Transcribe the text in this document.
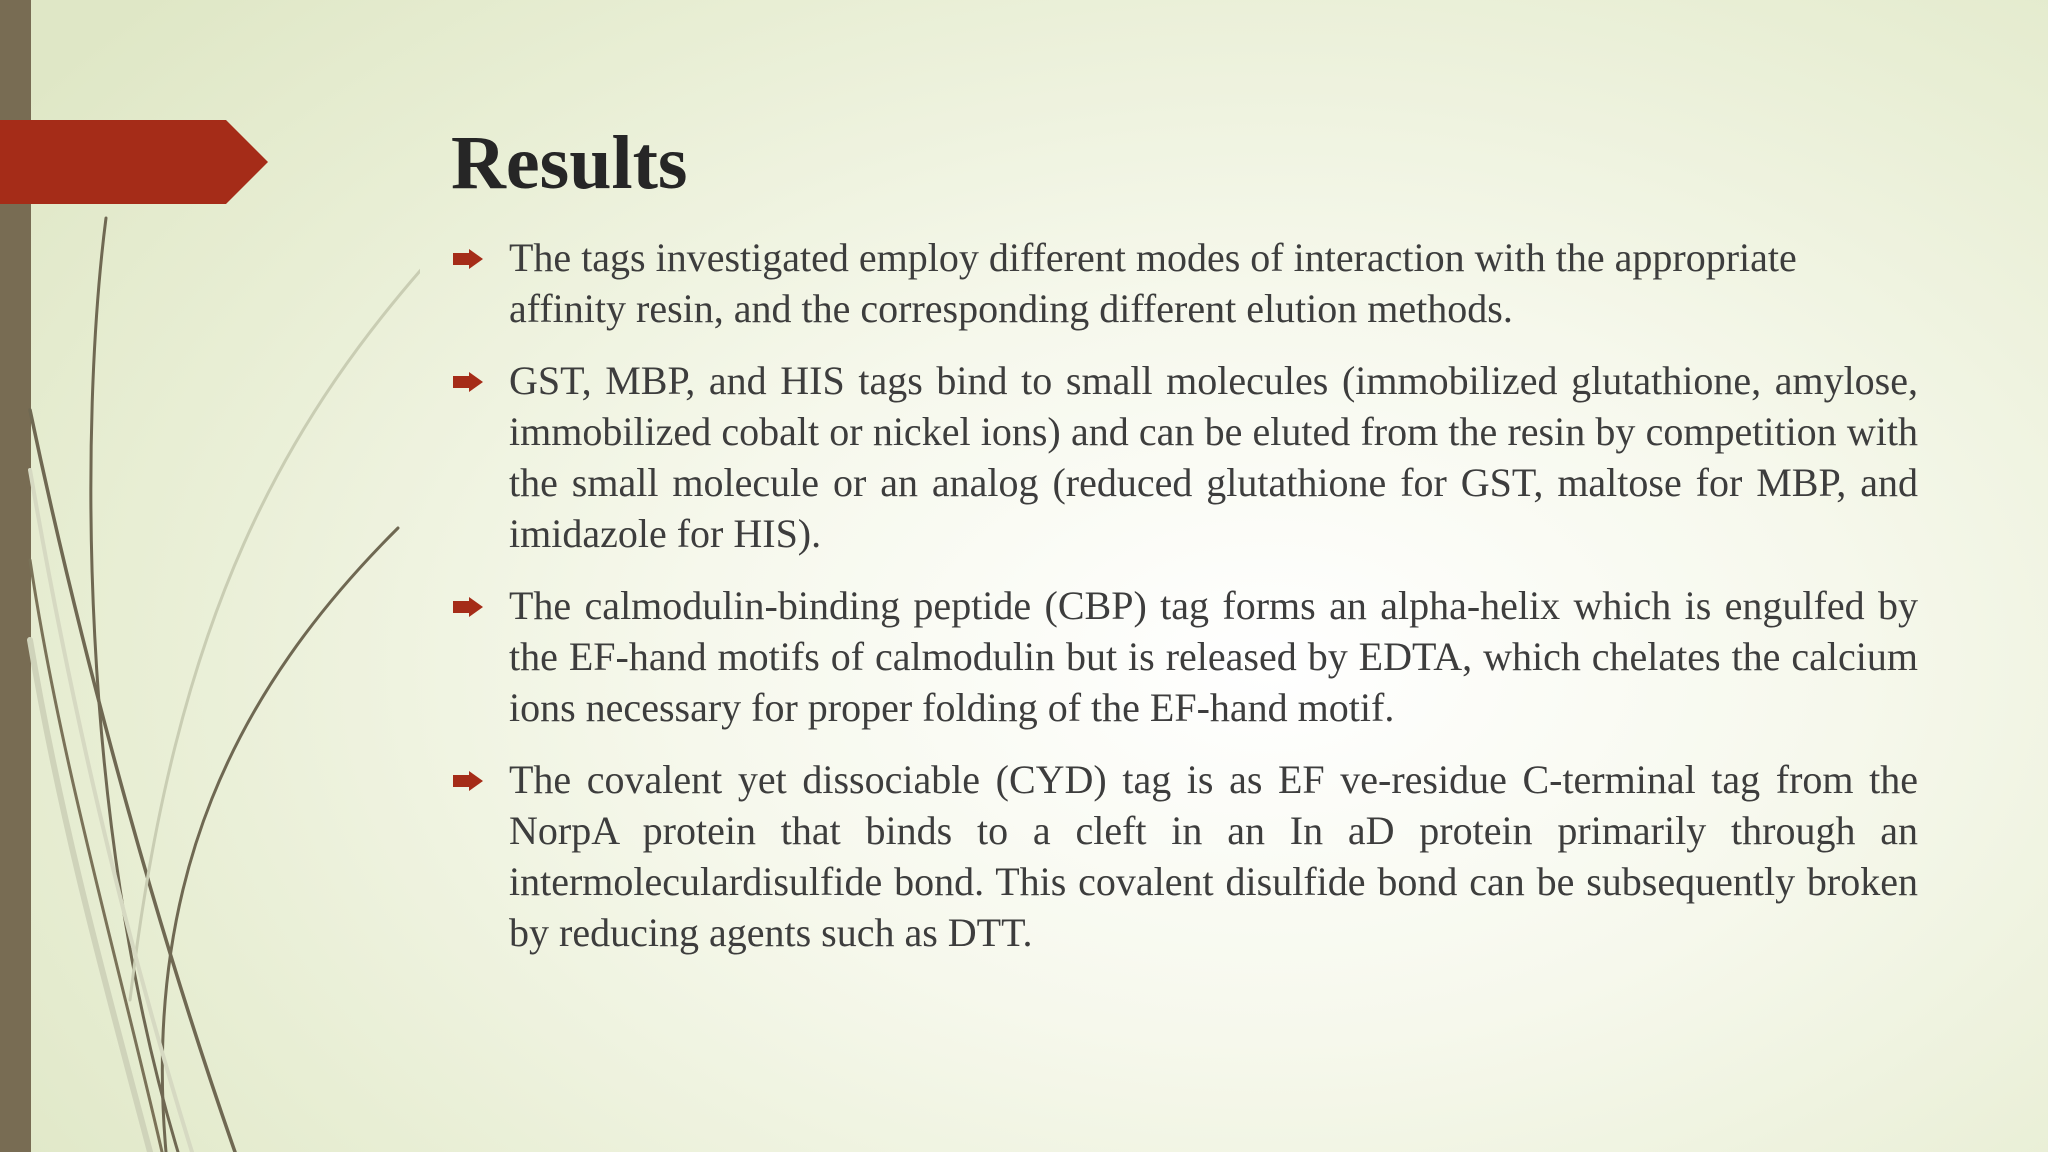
Results
The tags investigated employ different modes of interaction with the appropriate affinity resin, and the corresponding different elution methods.
GST, MBP, and HIS tags bind to small molecules (immobilized glutathione, amylose, immobilized cobalt or nickel ions) and can be eluted from the resin by competition with the small molecule or an analog (reduced glutathione for GST, maltose for MBP, and imidazole for HIS).
The calmodulin-binding peptide (CBP) tag forms an alpha-helix which is engulfed by the EF-hand motifs of calmodulin but is released by EDTA, which chelates the calcium ions necessary for proper folding of the EF-hand motif.
The covalent yet dissociable (CYD) tag is as EF ve-residue C-terminal tag from the NorpA protein that binds to a cleft in an In aD protein primarily through an intermoleculardisulfide bond. This covalent disulfide bond can be subsequently broken by reducing agents such as DTT.
